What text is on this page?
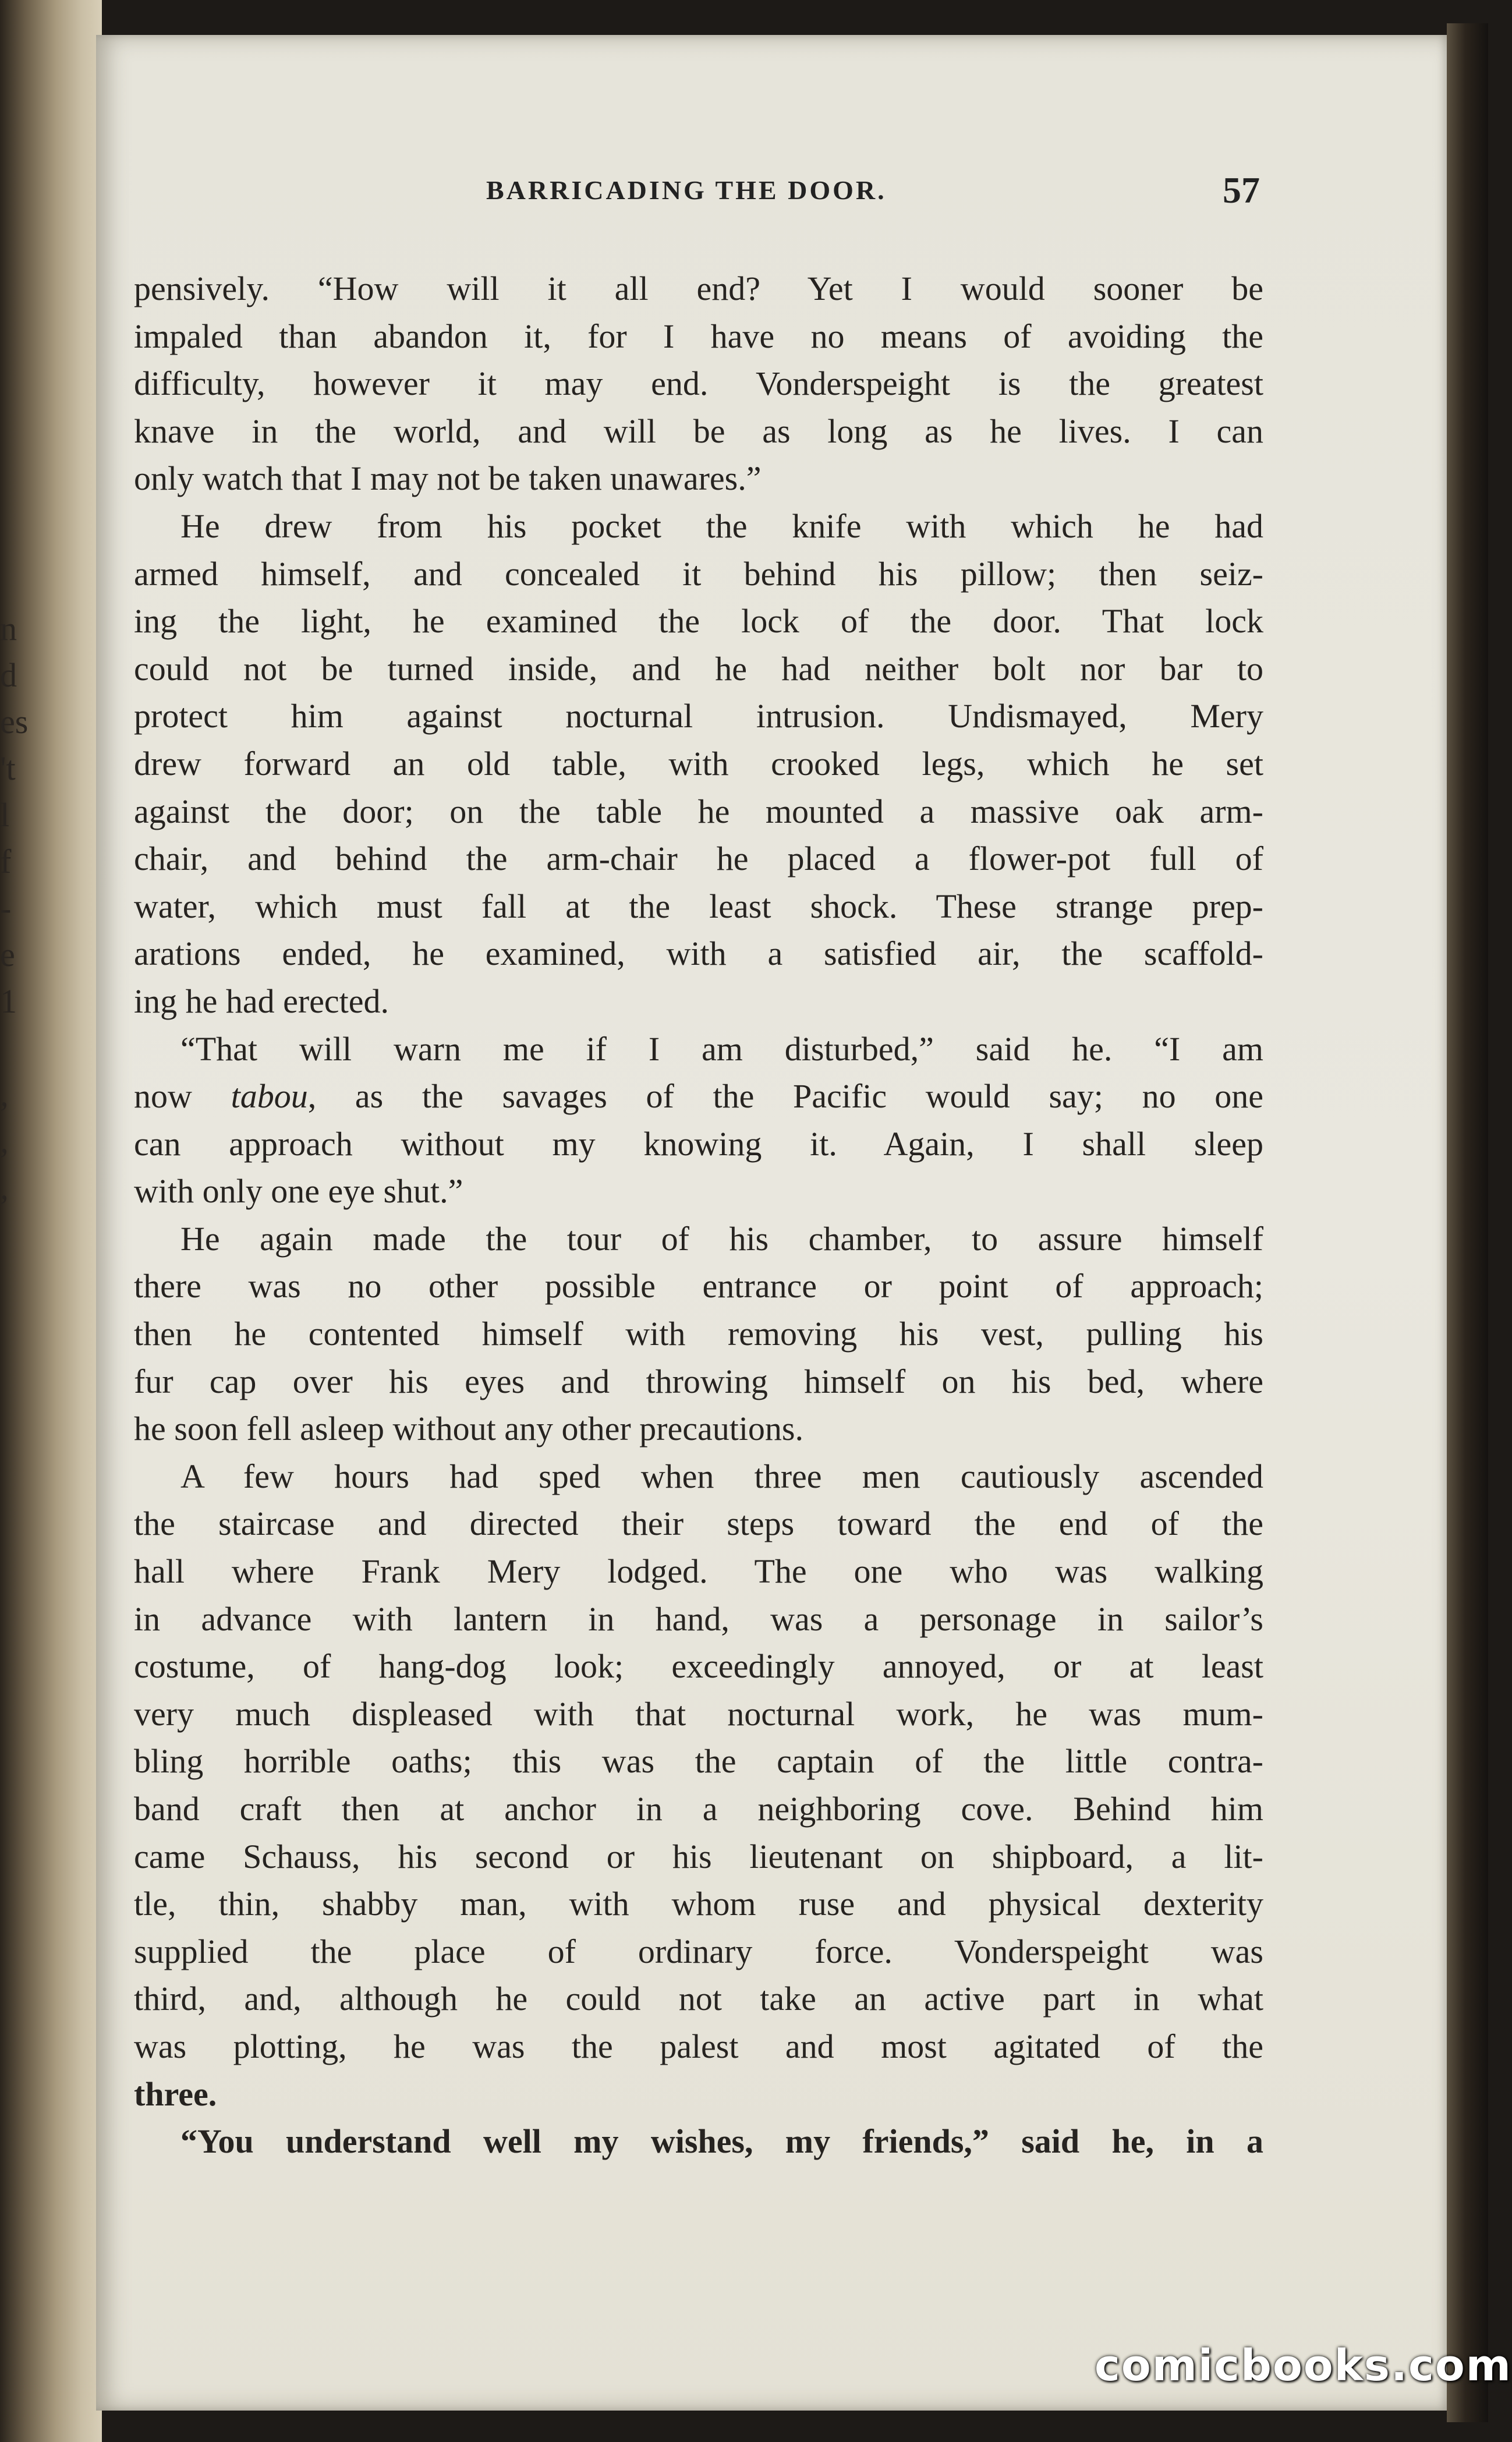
n
d
es
't
l
f
-
e
1

,
,
,
BARRICADING THE DOOR.	57
pensively. “How will it all end? Yet I would sooner be
impaled than abandon it, for I have no means of avoiding the
difficulty, however it may end. Vonderspeight is the greatest
knave in the world, and will be as long as he lives. I can
only watch that I may not be taken unawares.”
He drew from his pocket the knife with which he had
armed himself, and concealed it behind his pillow; then seiz-
ing the light, he examined the lock of the door. That lock
could not be turned inside, and he had neither bolt nor bar to
protect him against nocturnal intrusion. Undismayed, Mery
drew forward an old table, with crooked legs, which he set
against the door; on the table he mounted a massive oak arm-
chair, and behind the arm-chair he placed a flower-pot full of
water, which must fall at the least shock. These strange prep-
arations ended, he examined, with a satisfied air, the scaffold-
ing he had erected.
“That will warn me if I am disturbed,” said he. “I am
now tabou, as the savages of the Pacific would say; no one
can approach without my knowing it. Again, I shall sleep
with only one eye shut.”
He again made the tour of his chamber, to assure himself
there was no other possible entrance or point of approach;
then he contented himself with removing his vest, pulling his
fur cap over his eyes and throwing himself on his bed, where
he soon fell asleep without any other precautions.
A few hours had sped when three men cautiously ascended
the staircase and directed their steps toward the end of the
hall where Frank Mery lodged. The one who was walking
in advance with lantern in hand, was a personage in sailor’s
costume, of hang-dog look; exceedingly annoyed, or at least
very much displeased with that nocturnal work, he was mum-
bling horrible oaths; this was the captain of the little contra-
band craft then at anchor in a neighboring cove. Behind him
came Schauss, his second or his lieutenant on shipboard, a lit-
tle, thin, shabby man, with whom ruse and physical dexterity
supplied the place of ordinary force. Vonderspeight was
third, and, although he could not take an active part in what
was plotting, he was the palest and most agitated of the
three.
“You understand well my wishes, my friends,” said he, in a
comicbooks.com
